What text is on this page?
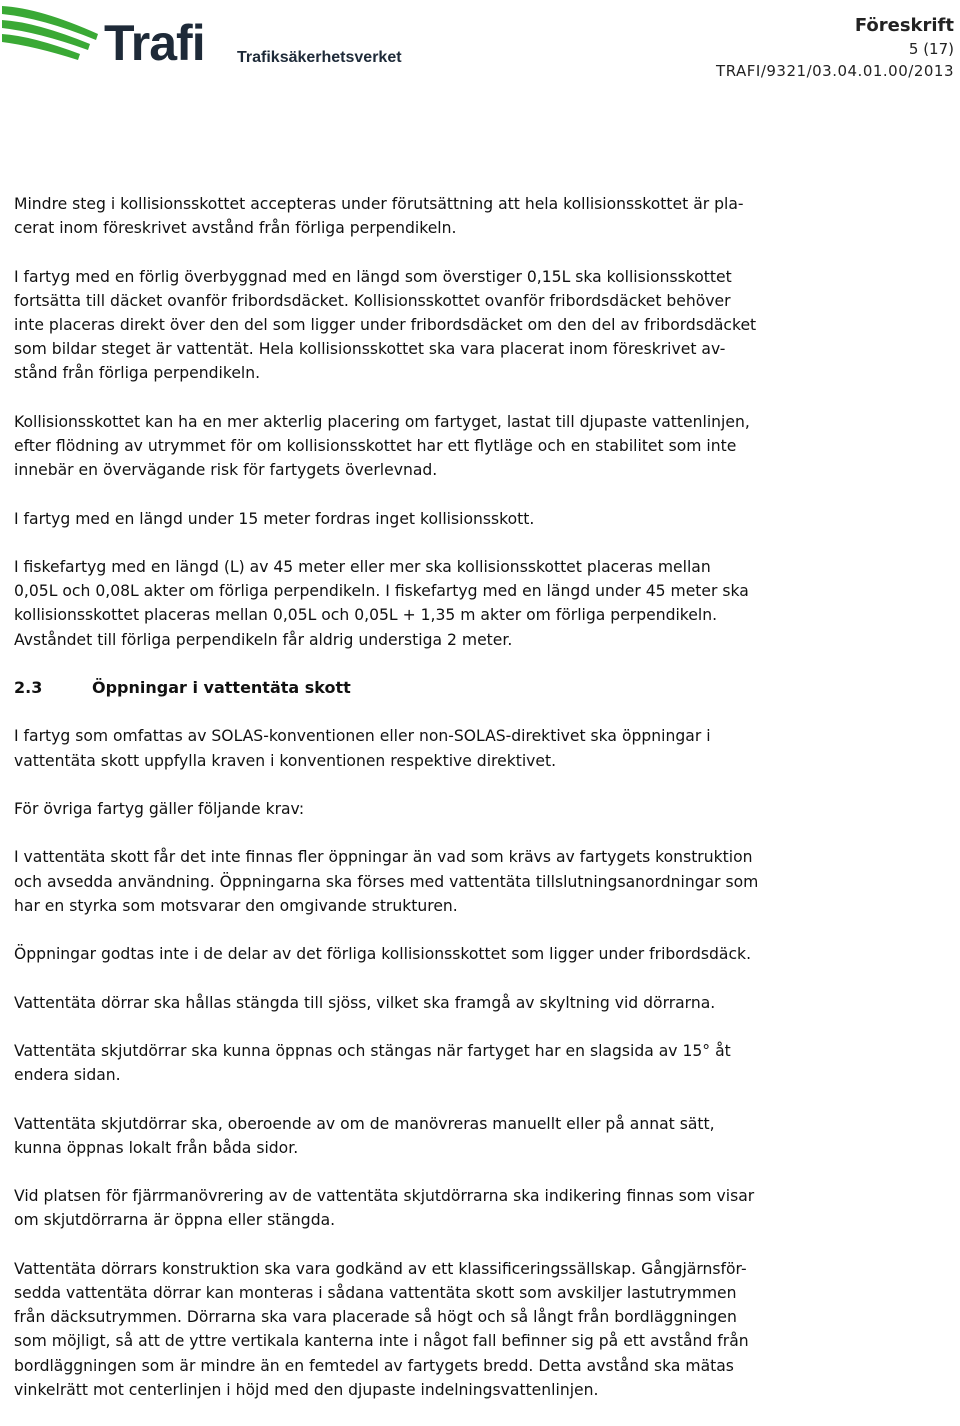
Trafi Trafiksäkerhetsverket
Föreskrift
5 (17)
TRAFI/9321/03.04.01.00/2013
Mindre steg i kollisionsskottet accepteras under förutsättning att hela kollisionsskottet är pla-
cerat inom föreskrivet avstånd från förliga perpendikeln.
I fartyg med en förlig överbyggnad med en längd som överstiger 0,15L ska kollisionsskottet
fortsätta till däcket ovanför fribordsdäcket. Kollisionsskottet ovanför fribordsdäcket behöver
inte placeras direkt över den del som ligger under fribordsdäcket om den del av fribordsdäcket
som bildar steget är vattentät. Hela kollisionsskottet ska vara placerat inom föreskrivet av-
stånd från förliga perpendikeln.
Kollisionsskottet kan ha en mer akterlig placering om fartyget, lastat till djupaste vattenlinjen,
efter flödning av utrymmet för om kollisionsskottet har ett flytläge och en stabilitet som inte
innebär en övervägande risk för fartygets överlevnad.
I fartyg med en längd under 15 meter fordras inget kollisionsskott.
I fiskefartyg med en längd (L) av 45 meter eller mer ska kollisionsskottet placeras mellan
0,05L och 0,08L akter om förliga perpendikeln. I fiskefartyg med en längd under 45 meter ska
kollisionsskottet placeras mellan 0,05L och 0,05L + 1,35 m akter om förliga perpendikeln.
Avståndet till förliga perpendikeln får aldrig understiga 2 meter.
2.3	Öppningar i vattentäta skott
I fartyg som omfattas av SOLAS-konventionen eller non-SOLAS-direktivet ska öppningar i
vattentäta skott uppfylla kraven i konventionen respektive direktivet.
För övriga fartyg gäller följande krav:
I vattentäta skott får det inte finnas fler öppningar än vad som krävs av fartygets konstruktion
och avsedda användning. Öppningarna ska förses med vattentäta tillslutningsanordningar som
har en styrka som motsvarar den omgivande strukturen.
Öppningar godtas inte i de delar av det förliga kollisionsskottet som ligger under fribordsdäck.
Vattentäta dörrar ska hållas stängda till sjöss, vilket ska framgå av skyltning vid dörrarna.
Vattentäta skjutdörrar ska kunna öppnas och stängas när fartyget har en slagsida av 15° åt
endera sidan.
Vattentäta skjutdörrar ska, oberoende av om de manövreras manuellt eller på annat sätt,
kunna öppnas lokalt från båda sidor.
Vid platsen för fjärrmanövrering av de vattentäta skjutdörrarna ska indikering finnas som visar
om skjutdörrarna är öppna eller stängda.
Vattentäta dörrars konstruktion ska vara godkänd av ett klassificeringssällskap. Gångjärnsför-
sedda vattentäta dörrar kan monteras i sådana vattentäta skott som avskiljer lastutrymmen
från däcksutrymmen. Dörrarna ska vara placerade så högt och så långt från bordläggningen
som möjligt, så att de yttre vertikala kanterna inte i något fall befinner sig på ett avstånd från
bordläggningen som är mindre än en femtedel av fartygets bredd. Detta avstånd ska mätas
vinkelrätt mot centerlinjen i höjd med den djupaste indelningsvattenlinjen.
